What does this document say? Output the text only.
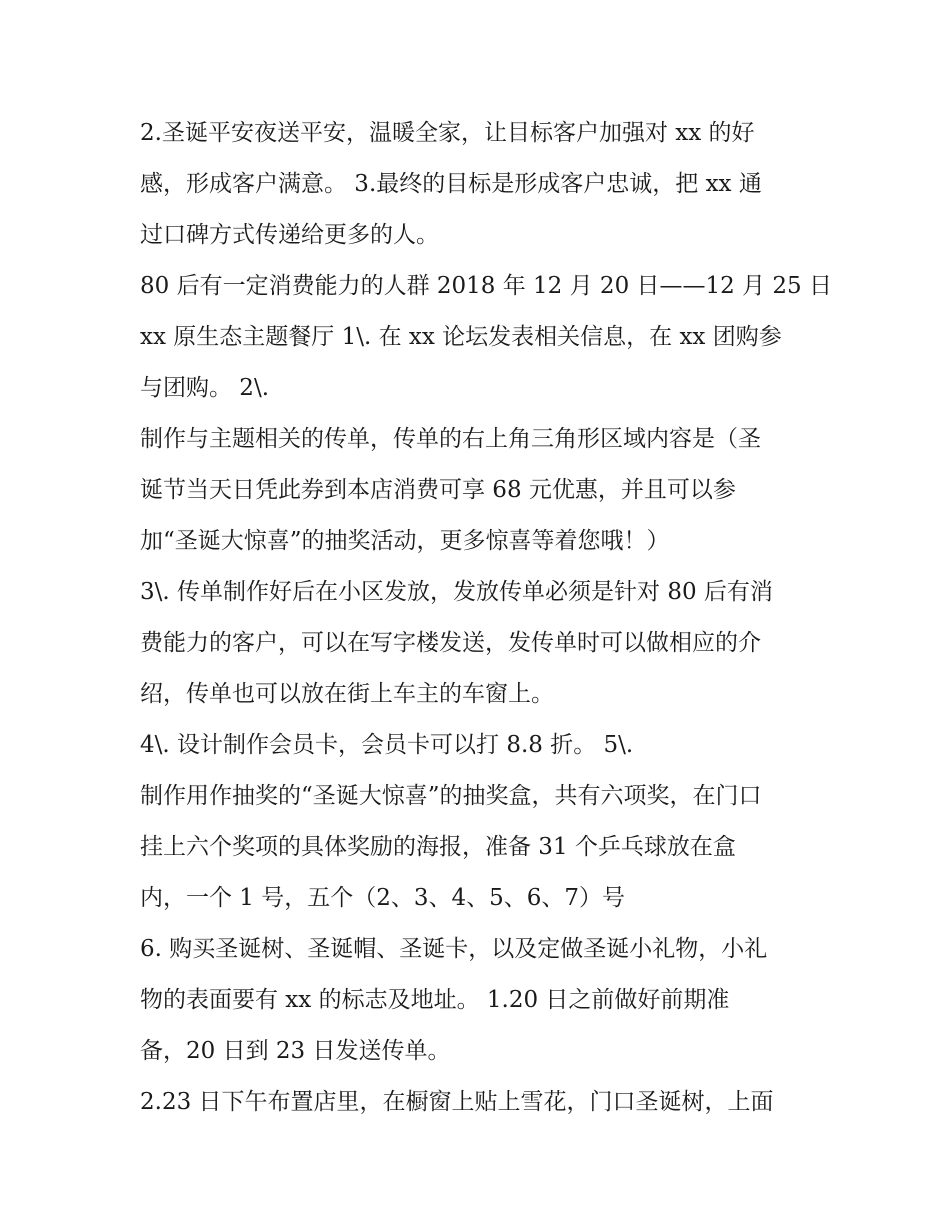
2.圣诞平安夜送平安，温暖全家，让目标客户加强对 xx 的好
感，形成客户满意。 3.最终的目标是形成客户忠诚，把 xx 通
过口碑方式传递给更多的人。
80 后有一定消费能力的人群 2018 年 12 月 20 日——12 月 25 日
xx 原生态主题餐厅 1\. 在 xx 论坛发表相关信息，在 xx 团购参
与团购。 2\.
制作与主题相关的传单，传单的右上角三角形区域内容是（圣
诞节当天日凭此券到本店消费可享 68 元优惠，并且可以参
加“圣诞大惊喜”的抽奖活动，更多惊喜等着您哦！）
3\. 传单制作好后在小区发放，发放传单必须是针对 80 后有消
费能力的客户，可以在写字楼发送，发传单时可以做相应的介
绍，传单也可以放在街上车主的车窗上。
4\. 设计制作会员卡，会员卡可以打 8.8 折。 5\.
制作用作抽奖的“圣诞大惊喜”的抽奖盒，共有六项奖，在门口
挂上六个奖项的具体奖励的海报，准备 31 个乒乓球放在盒
内，一个 1 号，五个（2、3、4、5、6、7）号
6. 购买圣诞树、圣诞帽、圣诞卡，以及定做圣诞小礼物，小礼
物的表面要有 xx 的标志及地址。 1.20 日之前做好前期准
备，20 日到 23 日发送传单。
2.23 日下午布置店里，在橱窗上贴上雪花，门口圣诞树，上面
